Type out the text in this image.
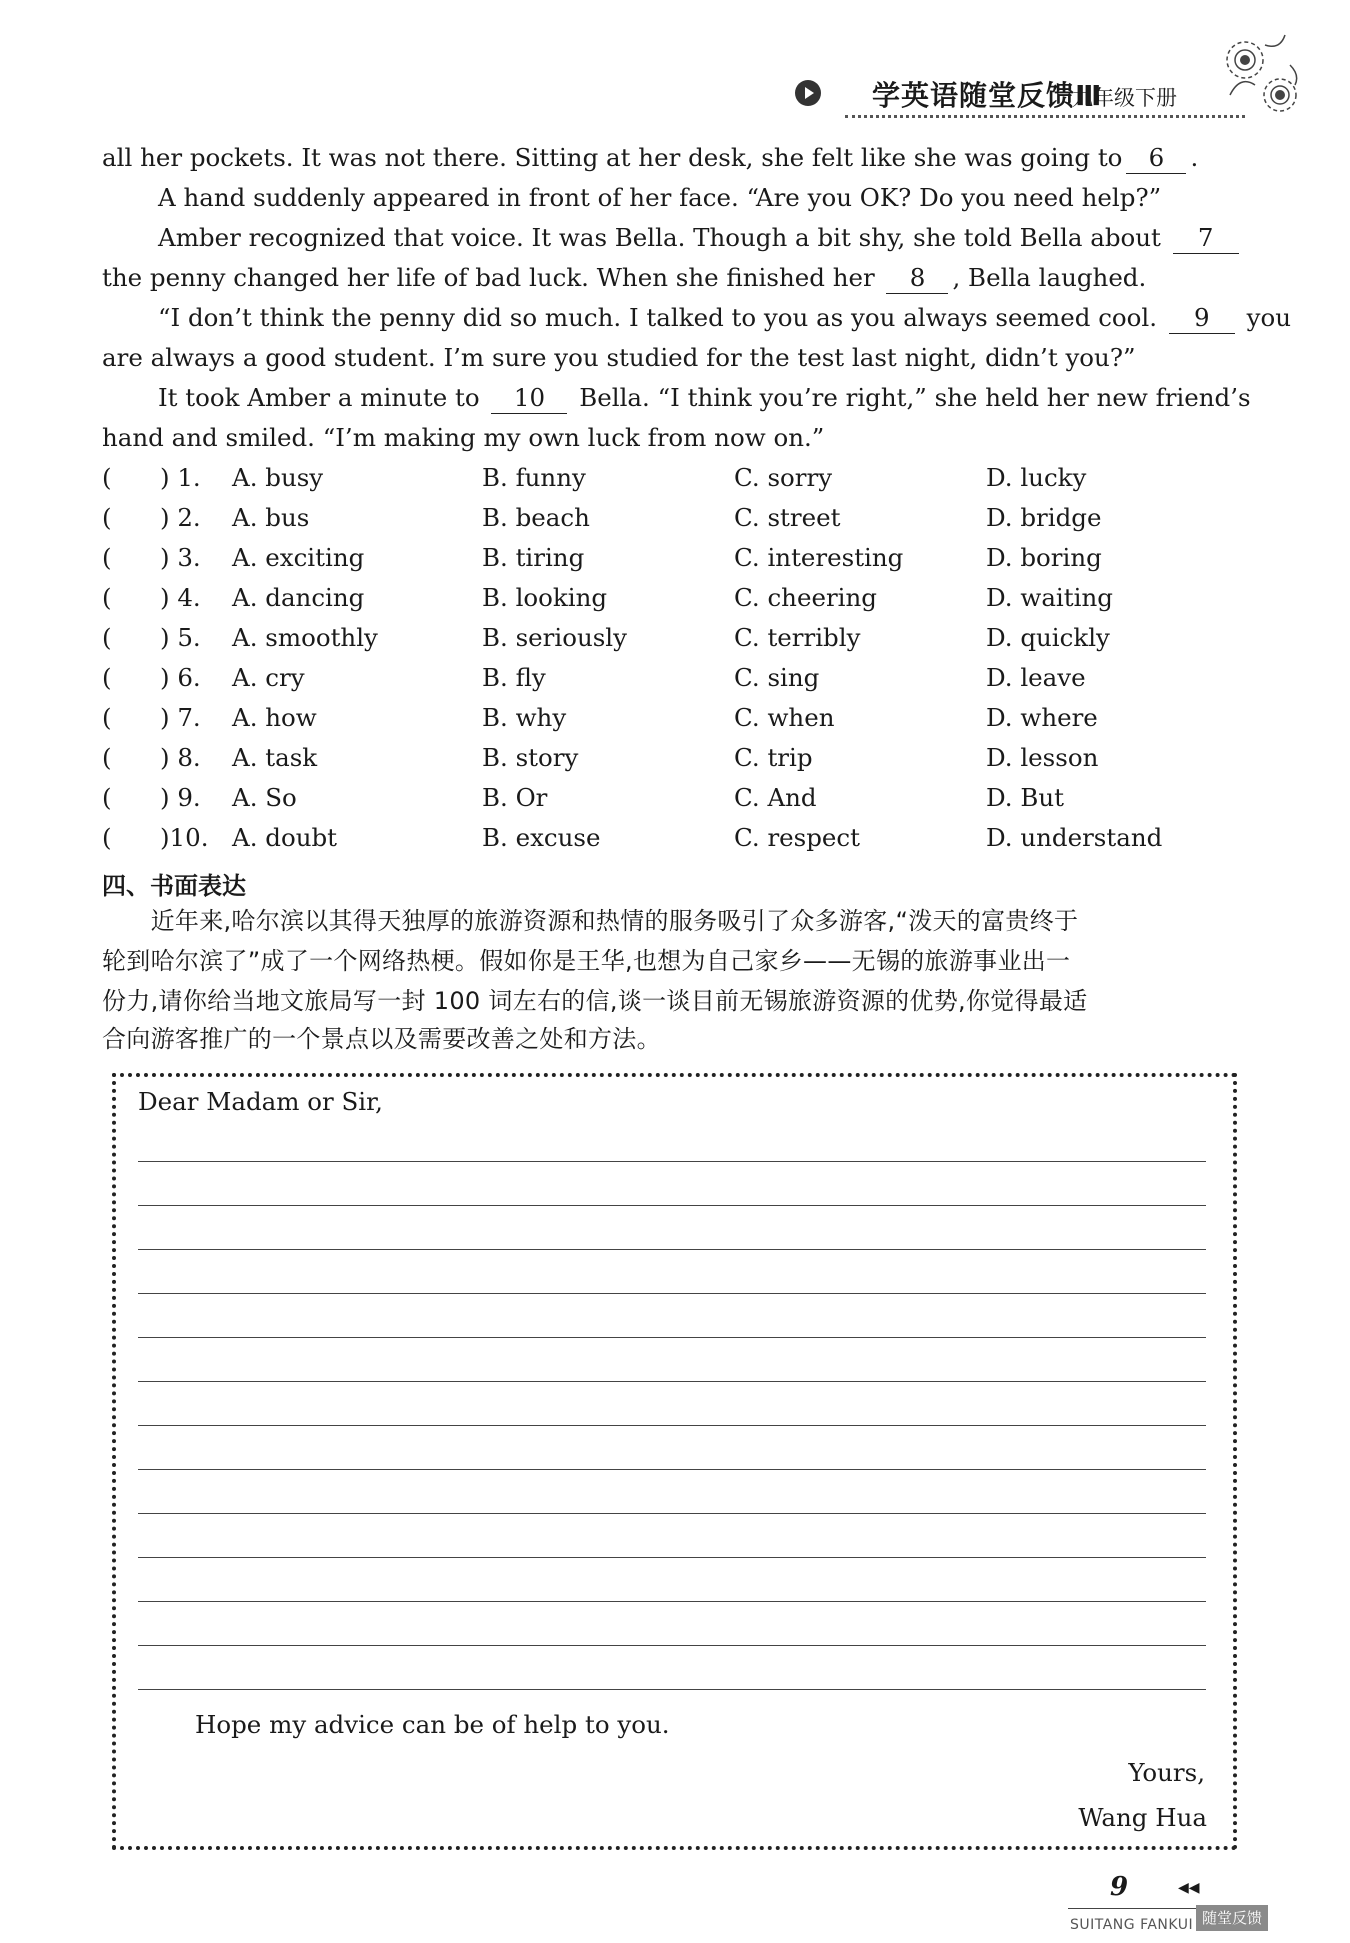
学英语随堂反馈Ⅲ
九年级下册
all her pockets. It was not there. Sitting at her desk, she felt like she was going to 6 .
A hand suddenly appeared in front of her face. “Are you OK? Do you need help?”
Amber recognized that voice. It was Bella. Though a bit shy, she told Bella about 7
the penny changed her life of bad luck. When she finished her 8 , Bella laughed.
“I don’t think the penny did so much. I talked to you as you always seemed cool. 9 you
are always a good student. I’m sure you studied for the test last night, didn’t you?”
It took Amber a minute to 10 Bella. “I think you’re right,” she held her new friend’s
hand and smiled. “I’m making my own luck from now on.”
( ) 1. A. busy	B. funny	C. sorry	D. lucky
( ) 2. A. bus	B. beach	C. street	D. bridge
( ) 3. A. exciting	B. tiring	C. interesting	D. boring
( ) 4. A. dancing	B. looking	C. cheering	D. waiting
( ) 5. A. smoothly	B. seriously	C. terribly	D. quickly
( ) 6. A. cry	B. fly	C. sing	D. leave
( ) 7. A. how	B. why	C. when	D. where
( ) 8. A. task	B. story	C. trip	D. lesson
( ) 9. A. So	B. Or	C. And	D. But
( )10. A. doubt	B. excuse	C. respect	D. understand
四、书面表达
　　近年来,哈尔滨以其得天独厚的旅游资源和热情的服务吸引了众多游客,“泼天的富贵终于
轮到哈尔滨了”成了一个网络热梗。假如你是王华,也想为自己家乡——无锡的旅游事业出一
份力,请你给当地文旅局写一封 100 词左右的信,谈一谈目前无锡旅游资源的优势,你觉得最适
合向游客推广的一个景点以及需要改善之处和方法。
Dear Madam or Sir,
Hope my advice can be of help to you.
Yours,
Wang Hua
9	◀◀
SUITANG FANKUI 随堂反馈
